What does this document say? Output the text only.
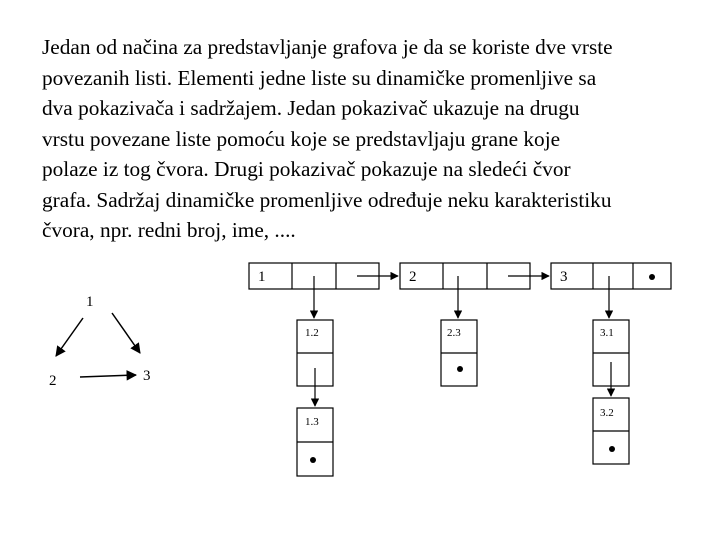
Jedan od načina za predstavljanje grafova je da se koriste dve vrste
povezanih listi. Elementi jedne liste su dinamičke promenljive sa
dva pokazivača i sadržajem. Jedan pokazivač ukazuje na drugu
vrstu povezane liste pomoću koje se predstavljaju grane koje
polaze iz tog čvora. Drugi pokazivač pokazuje na sledeći čvor
grafa. Sadržaj dinamičke promenljive određuje neku karakteristiku
čvora, npr. redni broj, ime, ....

1
2	3
1	2	3
1.2
1.3
2.3	3.1
3.2
